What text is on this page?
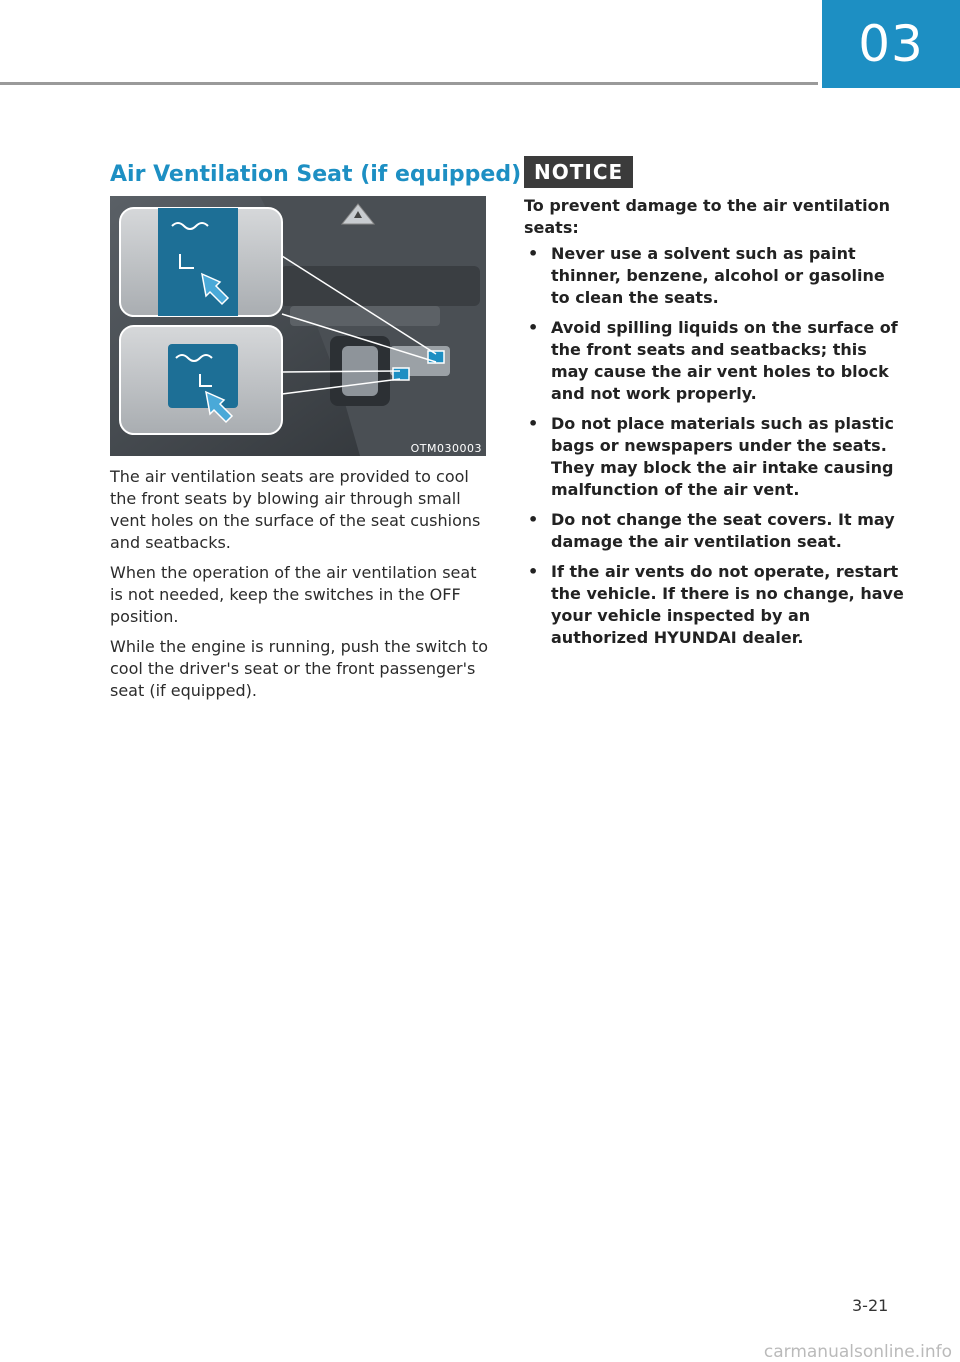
03
Air Ventilation Seat (if equipped)
OTM030003

The air ventilation seats are provided to cool the front seats by blowing air through small vent holes on the surface of the seat cushions and seatbacks.

When the operation of the air ventilation seat is not needed, keep the switches in the OFF position.

While the engine is running, push the switch to cool the driver's seat or the front passenger's seat (if equipped).

NOTICE
To prevent damage to the air ventilation seats:
• Never use a solvent such as paint thinner, benzene, alcohol or gasoline to clean the seats.
• Avoid spilling liquids on the surface of the front seats and seatbacks; this may cause the air vent holes to block and not work properly.
• Do not place materials such as plastic bags or newspapers under the seats. They may block the air intake causing malfunction of the air vent.
• Do not change the seat covers. It may damage the air ventilation seat.
• If the air vents do not operate, restart the vehicle. If there is no change, have your vehicle inspected by an authorized HYUNDAI dealer.
3-21
carmanualsonline.info
